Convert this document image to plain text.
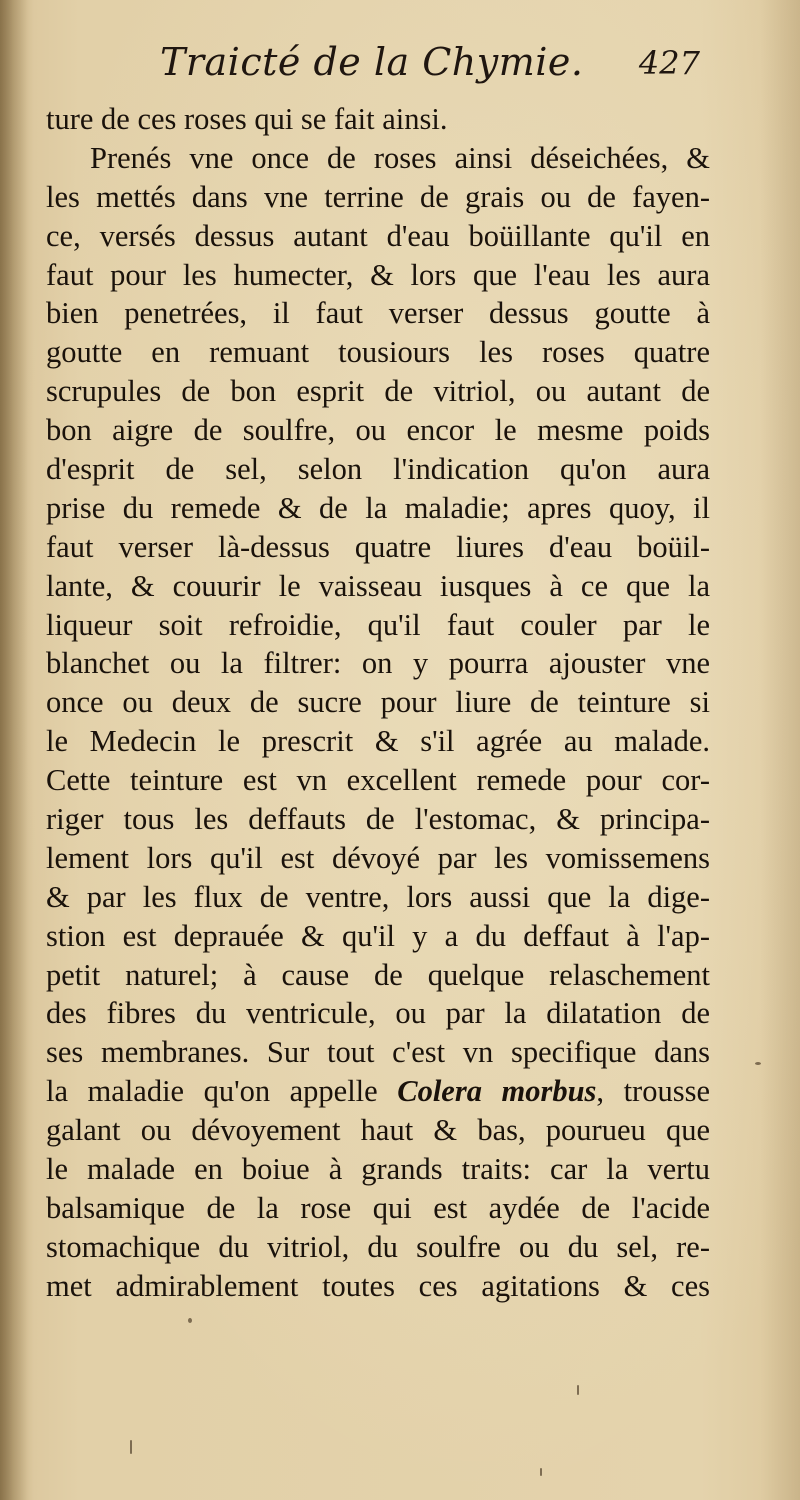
Traicté de la Chymie. 427
ture de ces roses qui se fait ainsi.
Prenés vne once de roses ainsi déseichées, &
les mettés dans vne terrine de grais ou de fayen-
ce, versés dessus autant d'eau boüillante qu'il en
faut pour les humecter, & lors que l'eau les aura
bien penetrées, il faut verser dessus goutte à
goutte en remuant tousiours les roses quatre
scrupules de bon esprit de vitriol, ou autant de
bon aigre de soulfre, ou encor le mesme poids
d'esprit de sel, selon l'indication qu'on aura
prise du remede & de la maladie; apres quoy, il
faut verser là-dessus quatre liures d'eau boüil-
lante, & couurir le vaisseau iusques à ce que la
liqueur soit refroidie, qu'il faut couler par le
blanchet ou la filtrer: on y pourra ajouster vne
once ou deux de sucre pour liure de teinture si
le Medecin le prescrit & s'il agrée au malade.
Cette teinture est vn excellent remede pour cor-
riger tous les deffauts de l'estomac, & principa-
lement lors qu'il est dévoyé par les vomissemens
& par les flux de ventre, lors aussi que la dige-
stion est deprauée & qu'il y a du deffaut à l'ap-
petit naturel; à cause de quelque relaschement
des fibres du ventricule, ou par la dilatation de
ses membranes. Sur tout c'est vn specifique dans
la maladie qu'on appelle Colera morbus, trousse
galant ou dévoyement haut & bas, pourueu que
le malade en boiue à grands traits: car la vertu
balsamique de la rose qui est aydée de l'acide
stomachique du vitriol, du soulfre ou du sel, re-
met admirablement toutes ces agitations & ces
